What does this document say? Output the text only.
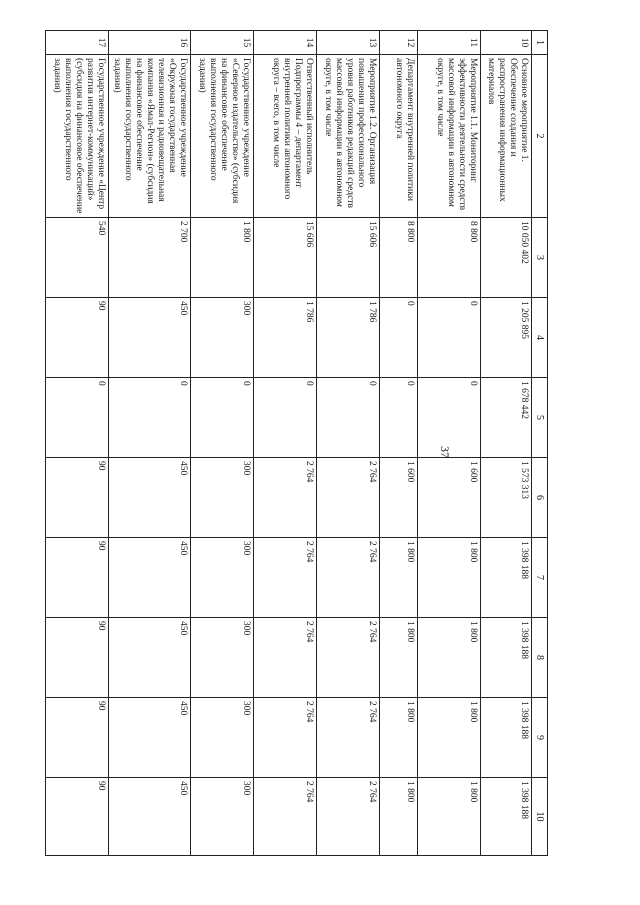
37
1	2	3	4	5	6	7	8	9	10
10	Основное мероприятие 1. Обеспечение создания и распространения информационных материалов	10 050 402	1 205 895	1 678 442	1 573 313	1 398 188	1 398 188	1 398 188	1 398 188
11	Мероприятие 1.1. Мониторинг эффективности деятельности средств массовой информации в автономном округе, в том числе	8 800	0	0	1 600	1 800	1 800	1 800	1 800
12	Департамент внутренней политики автономного округа	8 800	0	0	1 600	1 800	1 800	1 800	1 800
13	Мероприятие 1.2. Организация повышения профессионального уровня работников редакций средств массовой информации в автономном округе, в том числе	15 606	1 786	0	2 764	2 764	2 764	2 764	2 764
14	Ответственный исполнитель Подпрограммы 4 – департамент внутренней политики автономного округа – всего, в том числе	15 606	1 786	0	2 764	2 764	2 764	2 764	2 764
15	Государственное учреждение «Северное издательство» (субсидия на финансовое обеспечение выполнения государственного задания)	1 800	300	0	300	300	300	300	300
16	Государственное учреждение «Окружная государственная телевизионная и радиовещательная компания «Ямал-Регион» (субсидия на финансовое обеспечение выполнения государственного задания)	2 700	450	0	450	450	450	450	450
17	Государственное учреждение «Центр развития интернет-коммуникаций» (субсидия на финансовое обеспечение выполнения государственного задания)	540	90	0	90	90	90	90	90
